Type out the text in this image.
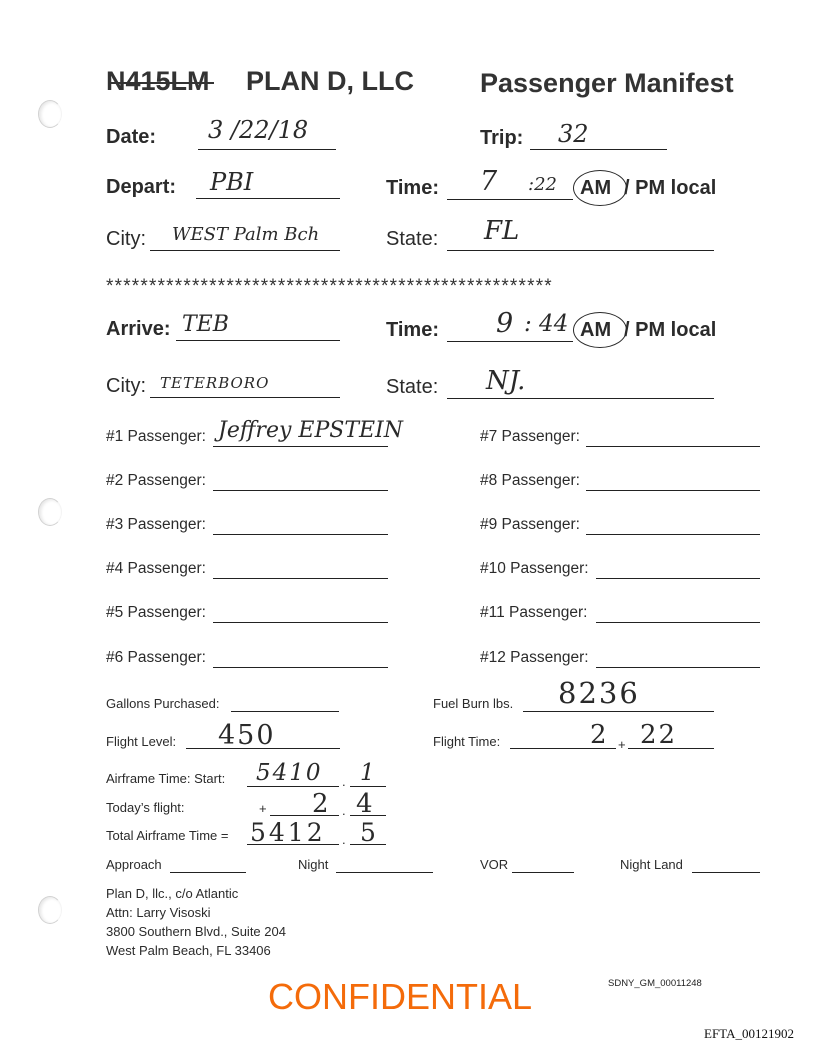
N415LM PLAN D, LLC Passenger Manifest
Date: 3 /22/18	Trip: 32
Depart: PBI	Time: 7 :22 AM / PM local
City: WEST Palm Bch	State: FL
****************************************************
Arrive: TEB	Time: 9 : 44 AM / PM local
City: TETERBORO	State: NJ.
#1 Passenger: Jeffrey EPSTEIN
#2 Passenger:
#3 Passenger:
#4 Passenger:
#5 Passenger:
#6 Passenger:
#7 Passenger:
#8 Passenger:
#9 Passenger:
#10 Passenger:
#11 Passenger:
#12 Passenger:
Gallons Purchased:	Fuel Burn lbs. 8236
Flight Level: 450	Flight Time:	2 + 22
Airframe Time: Start: 5410 . 1
Today’s flight:	+ 2 . 4
Total Airframe Time = 5412 . 5
Approach	Night	VOR	Night Land
Plan D, llc., c/o Atlantic
Attn: Larry Visoski
3800 Southern Blvd., Suite 204
West Palm Beach, FL 33406
SDNY_GM_00011248
CONFIDENTIAL
EFTA_00121902
